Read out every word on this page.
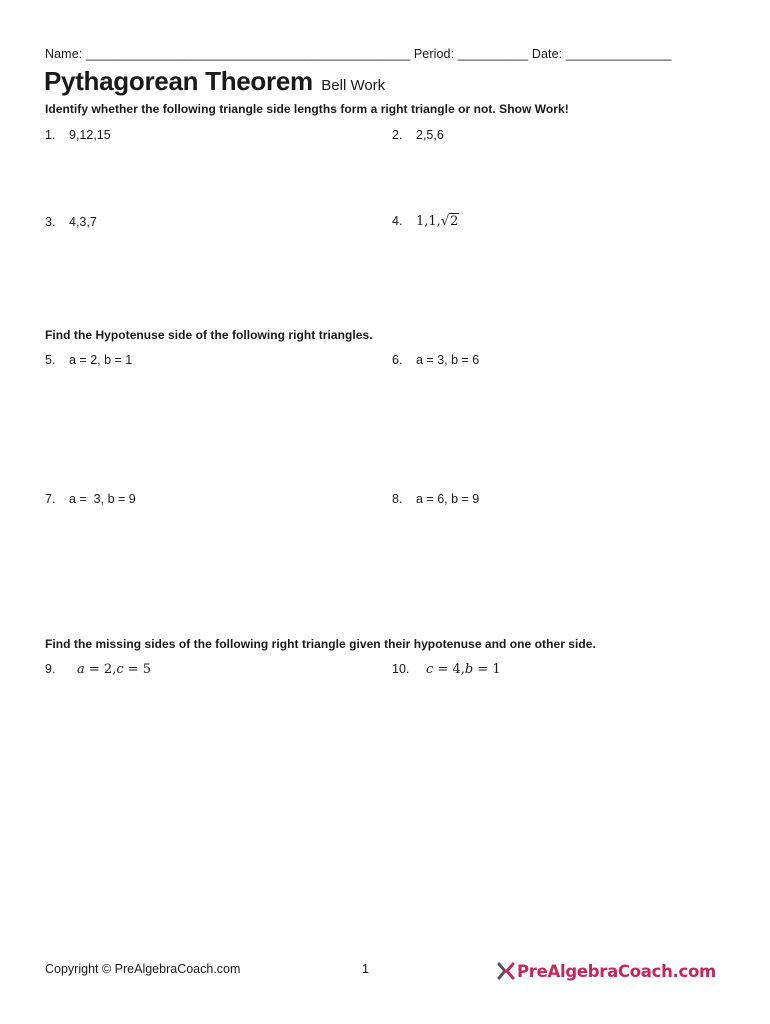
Name: ______________________________________________ Period: __________ Date: _______________
Pythagorean Theorem Bell Work
Identify whether the following triangle side lengths form a right triangle or not. Show Work!
1. 9,12,15	2. 2,5,6
3. 4,3,7	4. 1,1,√2
Find the Hypotenuse side of the following right triangles.
5. a = 2, b = 1	6. a = 3, b = 6
7. a =  3, b = 9	8. a = 6, b = 9
Find the missing sides of the following right triangle given their hypotenuse and one other side.
9. a = 2,c = 5	10. c = 4,b = 1
Copyright © PreAlgebraCoach.com	1	PreAlgebraCoach.com
